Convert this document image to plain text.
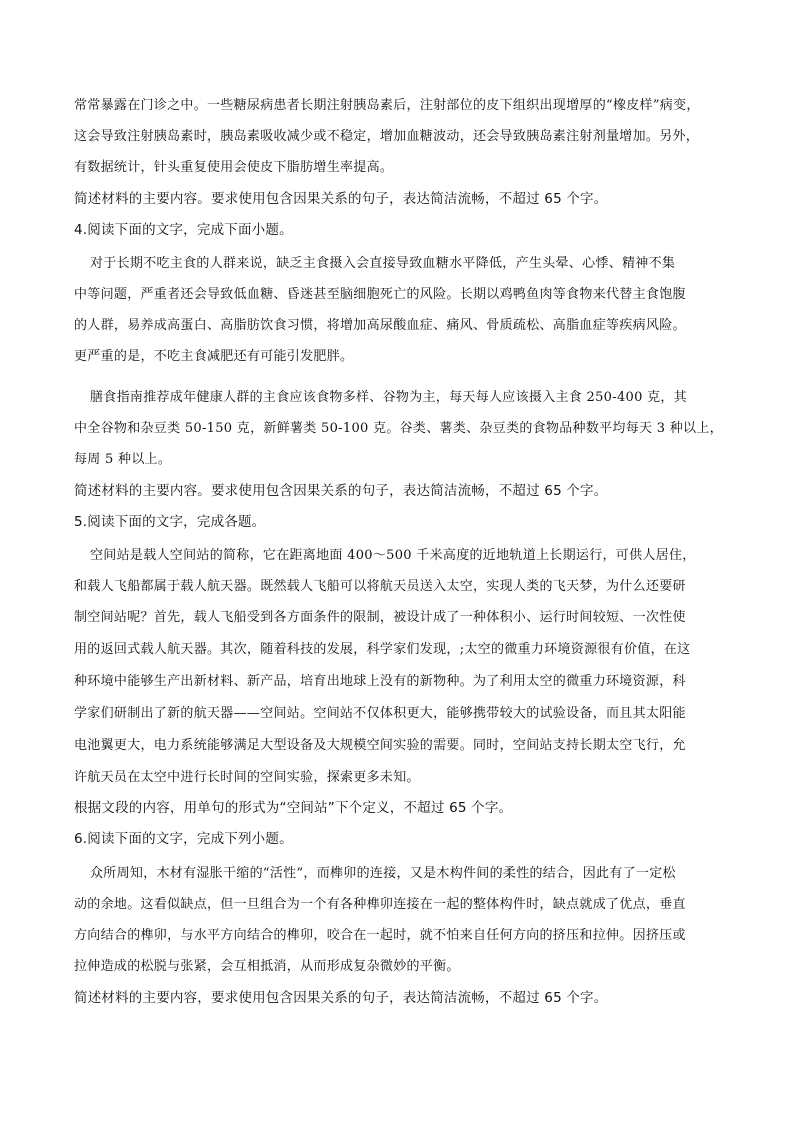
常常暴露在门诊之中。一些糖尿病患者长期注射胰岛素后，注射部位的皮下组织出现增厚的“橡皮样”病变，
这会导致注射胰岛素时，胰岛素吸收减少或不稳定，增加血糖波动，还会导致胰岛素注射剂量增加。另外，
有数据统计，针头重复使用会使皮下脂肪增生率提高。
简述材料的主要内容。要求使用包含因果关系的句子，表达简洁流畅，不超过 65 个字。
4.阅读下面的文字，完成下面小题。
对于长期不吃主食的人群来说，缺乏主食摄入会直接导致血糖水平降低，产生头晕、心悸、精神不集
中等问题，严重者还会导致低血糖、昏迷甚至脑细胞死亡的风险。长期以鸡鸭鱼肉等食物来代替主食饱腹
的人群，易养成高蛋白、高脂肪饮食习惯，将增加高尿酸血症、痛风、骨质疏松、高脂血症等疾病风险。
更严重的是，不吃主食减肥还有可能引发肥胖。
膳食指南推荐成年健康人群的主食应该食物多样、谷物为主，每天每人应该摄入主食 250-400 克，其
中全谷物和杂豆类 50-150 克，新鲜薯类 50-100 克。谷类、薯类、杂豆类的食物品种数平均每天 3 种以上，
每周 5 种以上。
简述材料的主要内容。要求使用包含因果关系的句子，表达简洁流畅，不超过 65 个字。
5.阅读下面的文字，完成各题。
空间站是载人空间站的简称，它在距离地面 400～500 千米高度的近地轨道上长期运行，可供人居住，
和载人飞船都属于载人航天器。既然载人飞船可以将航天员送入太空，实现人类的飞天梦，为什么还要研
制空间站呢？首先，载人飞船受到各方面条件的限制，被设计成了一种体积小、运行时间较短、一次性使
用的返回式载人航天器。其次，随着科技的发展，科学家们发现，;太空的微重力环境资源很有价值，在这
种环境中能够生产出新材料、新产品，培育出地球上没有的新物种。为了利用太空的微重力环境资源，科
学家们研制出了新的航天器——空间站。空间站不仅体积更大，能够携带较大的试验设备，而且其太阳能
电池翼更大，电力系统能够满足大型设备及大规模空间实验的需要。同时，空间站支持长期太空飞行，允
许航天员在太空中进行长时间的空间实验，探索更多未知。
根据文段的内容，用单句的形式为“空间站”下个定义，不超过 65 个字。
6.阅读下面的文字，完成下列小题。
众所周知，木材有湿胀干缩的“活性”，而榫卯的连接，又是木构件间的柔性的结合，因此有了一定松
动的余地。这看似缺点，但一旦组合为一个有各种榫卯连接在一起的整体构件时，缺点就成了优点，垂直
方向结合的榫卯，与水平方向结合的榫卯，咬合在一起时，就不怕来自任何方向的挤压和拉伸。因挤压或
拉伸造成的松脱与张紧，会互相抵消，从而形成复杂微妙的平衡。
简述材料的主要内容，要求使用包含因果关系的句子，表达简洁流畅，不超过 65 个字。
